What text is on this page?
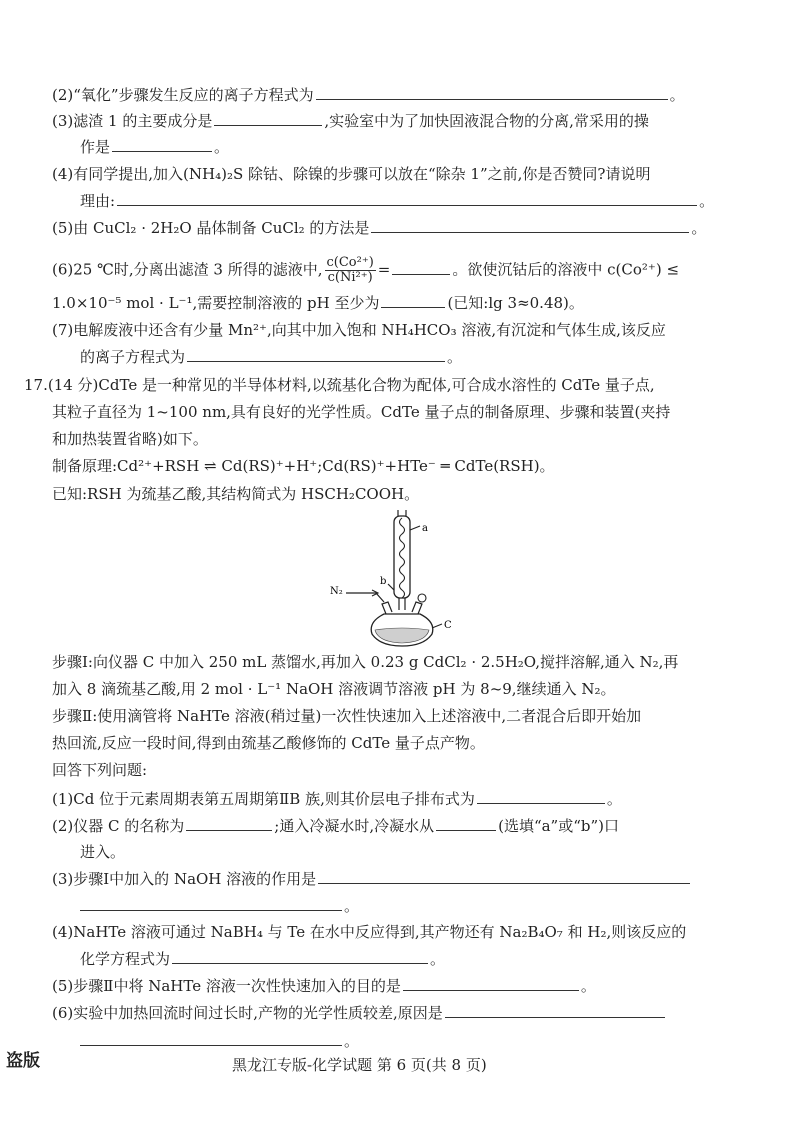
(2)“氧化”步骤发生反应的离子方程式为	。
(3)滤渣 1 的主要成分是	,实验室中为了加快固液混合物的分离,常采用的操
作是	。
(4)有同学提出,加入(NH₄)₂S 除钴、除镍的步骤可以放在“除杂 1”之前,你是否赞同?请说明
理由:	。
(5)由 CuCl₂ · 2H₂O 晶体制备 CuCl₂ 的方法是	。
(6)25 ℃时,分离出滤渣 3 所得的滤液中, $\frac{\text{c(Co²⁺)}}{\text{c(Ni²⁺)}}$ =	。欲使沉钴后的溶液中 c(Co²⁺) ≤
1.0×10⁻⁵ mol · L⁻¹,需要控制溶液的 pH 至少为	(已知:lg 3≈0.48)。
(7)电解废液中还含有少量 Mn²⁺,向其中加入饱和 NH₄HCO₃ 溶液,有沉淀和气体生成,该反应
的离子方程式为	。
17.(14 分)CdTe 是一种常见的半导体材料,以巯基化合物为配体,可合成水溶性的 CdTe 量子点,
其粒子直径为 1~100 nm,具有良好的光学性质。CdTe 量子点的制备原理、步骤和装置(夹持
和加热装置省略)如下。
制备原理:Cd²⁺+RSH ⇌ Cd(RS)⁺+H⁺;Cd(RS)⁺+HTe⁻ ═ CdTe(RSH)。
已知:RSH 为巯基乙酸,其结构简式为 HSCH₂COOH。
a
b
N₂
C
步骤Ⅰ:向仪器 C 中加入 250 mL 蒸馏水,再加入 0.23 g CdCl₂ · 2.5H₂O,搅拌溶解,通入 N₂,再
加入 8 滴巯基乙酸,用 2 mol · L⁻¹ NaOH 溶液调节溶液 pH 为 8~9,继续通入 N₂。
步骤Ⅱ:使用滴管将 NaHTe 溶液(稍过量)一次性快速加入上述溶液中,二者混合后即开始加
热回流,反应一段时间,得到由巯基乙酸修饰的 CdTe 量子点产物。
回答下列问题:
(1)Cd 位于元素周期表第五周期第ⅡB 族,则其价层电子排布式为	。
(2)仪器 C 的名称为	;通入冷凝水时,冷凝水从	(选填“a”或“b”)口
进入。
(3)步骤Ⅰ中加入的 NaOH 溶液的作用是
。
(4)NaHTe 溶液可通过 NaBH₄ 与 Te 在水中反应得到,其产物还有 Na₂B₄O₇ 和 H₂,则该反应的
化学方程式为	。
(5)步骤Ⅱ中将 NaHTe 溶液一次性快速加入的目的是	。
(6)实验中加热回流时间过长时,产物的光学性质较差,原因是
。
盗版	黑龙江专版-化学试题 第 6 页(共 8 页)
